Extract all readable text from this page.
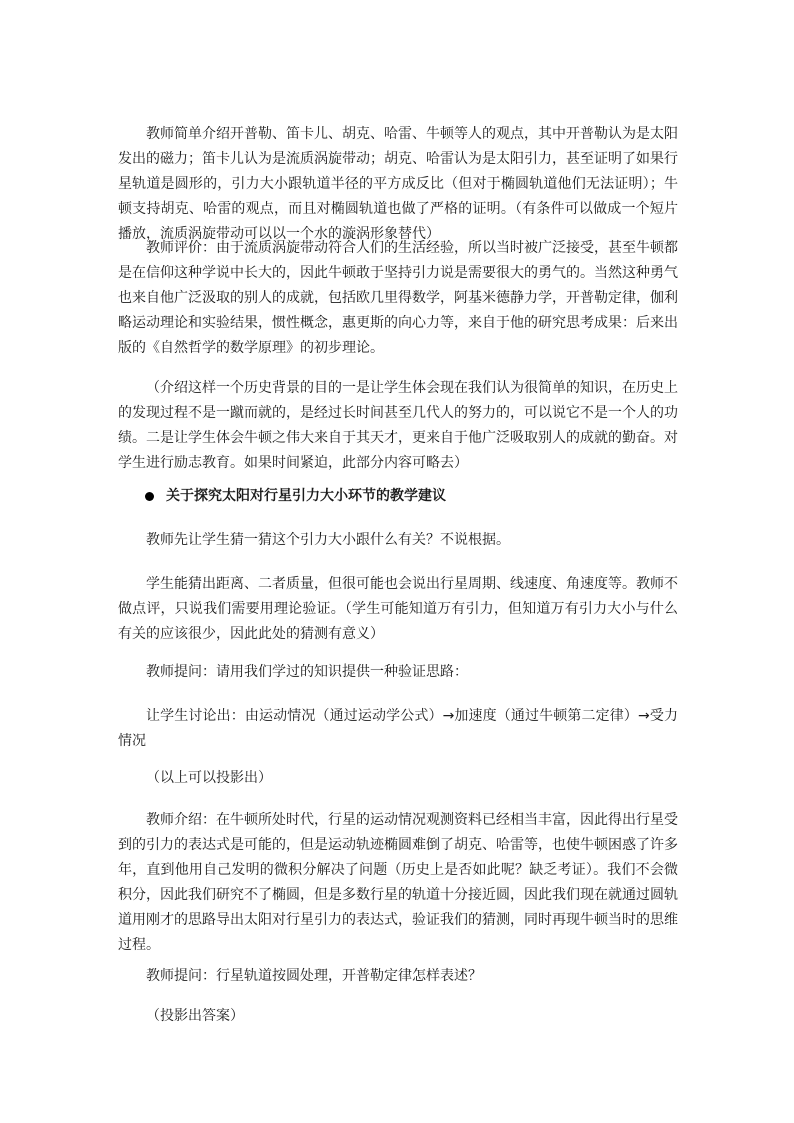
教师简单介绍开普勒、笛卡儿、胡克、哈雷、牛顿等人的观点，其中开普勒认为是太阳发出的磁力；笛卡儿认为是流质涡旋带动；胡克、哈雷认为是太阳引力，甚至证明了如果行星轨道是圆形的，引力大小跟轨道半径的平方成反比（但对于椭圆轨道他们无法证明）；牛顿支持胡克、哈雷的观点，而且对椭圆轨道也做了严格的证明。（有条件可以做成一个短片播放，流质涡旋带动可以以一个水的漩涡形象替代）

教师评价：由于流质涡旋带动符合人们的生活经验，所以当时被广泛接受，甚至牛顿都是在信仰这种学说中长大的，因此牛顿敢于坚持引力说是需要很大的勇气的。当然这种勇气也来自他广泛汲取的别人的成就，包括欧几里得数学，阿基米德静力学，开普勒定律，伽利略运动理论和实验结果，惯性概念，惠更斯的向心力等，来自于他的研究思考成果：后来出版的《自然哲学的数学原理》的初步理论。

（介绍这样一个历史背景的目的一是让学生体会现在我们认为很简单的知识，在历史上的发现过程不是一蹴而就的，是经过长时间甚至几代人的努力的，可以说它不是一个人的功绩。二是让学生体会牛顿之伟大来自于其天才，更来自于他广泛吸取别人的成就的勤奋。对学生进行励志教育。如果时间紧迫，此部分内容可略去）

关于探究太阳对行星引力大小环节的教学建议

教师先让学生猜一猜这个引力大小跟什么有关？不说根据。

学生能猜出距离、二者质量，但很可能也会说出行星周期、线速度、角速度等。教师不做点评，只说我们需要用理论验证。（学生可能知道万有引力，但知道万有引力大小与什么有关的应该很少，因此此处的猜测有意义）

教师提问：请用我们学过的知识提供一种验证思路：

让学生讨论出：由运动情况（通过运动学公式）→加速度（通过牛顿第二定律）→受力情况

（以上可以投影出）

教师介绍：在牛顿所处时代，行星的运动情况观测资料已经相当丰富，因此得出行星受到的引力的表达式是可能的，但是运动轨迹椭圆难倒了胡克、哈雷等，也使牛顿困惑了许多年，直到他用自己发明的微积分解决了问题（历史上是否如此呢？缺乏考证）。我们不会微积分，因此我们研究不了椭圆，但是多数行星的轨道十分接近圆，因此我们现在就通过圆轨道用刚才的思路导出太阳对行星引力的表达式，验证我们的猜测，同时再现牛顿当时的思维过程。

教师提问：行星轨道按圆处理，开普勒定律怎样表述？

（投影出答案）
